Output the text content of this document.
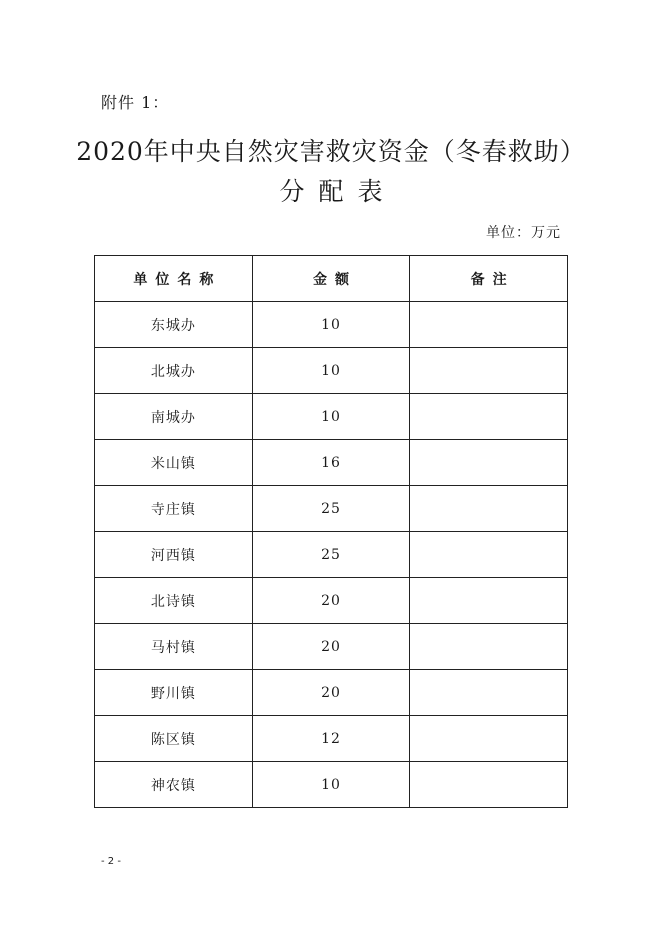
附件 1：
2020年中央自然灾害救灾资金（冬春救助）
分配表
单位：万元
单位名称	金额	备注
东城办	10	
北城办	10	
南城办	10	
米山镇	16	
寺庄镇	25	
河西镇	25	
北诗镇	20	
马村镇	20	
野川镇	20	
陈区镇	12	
神农镇	10	
- 2 -
